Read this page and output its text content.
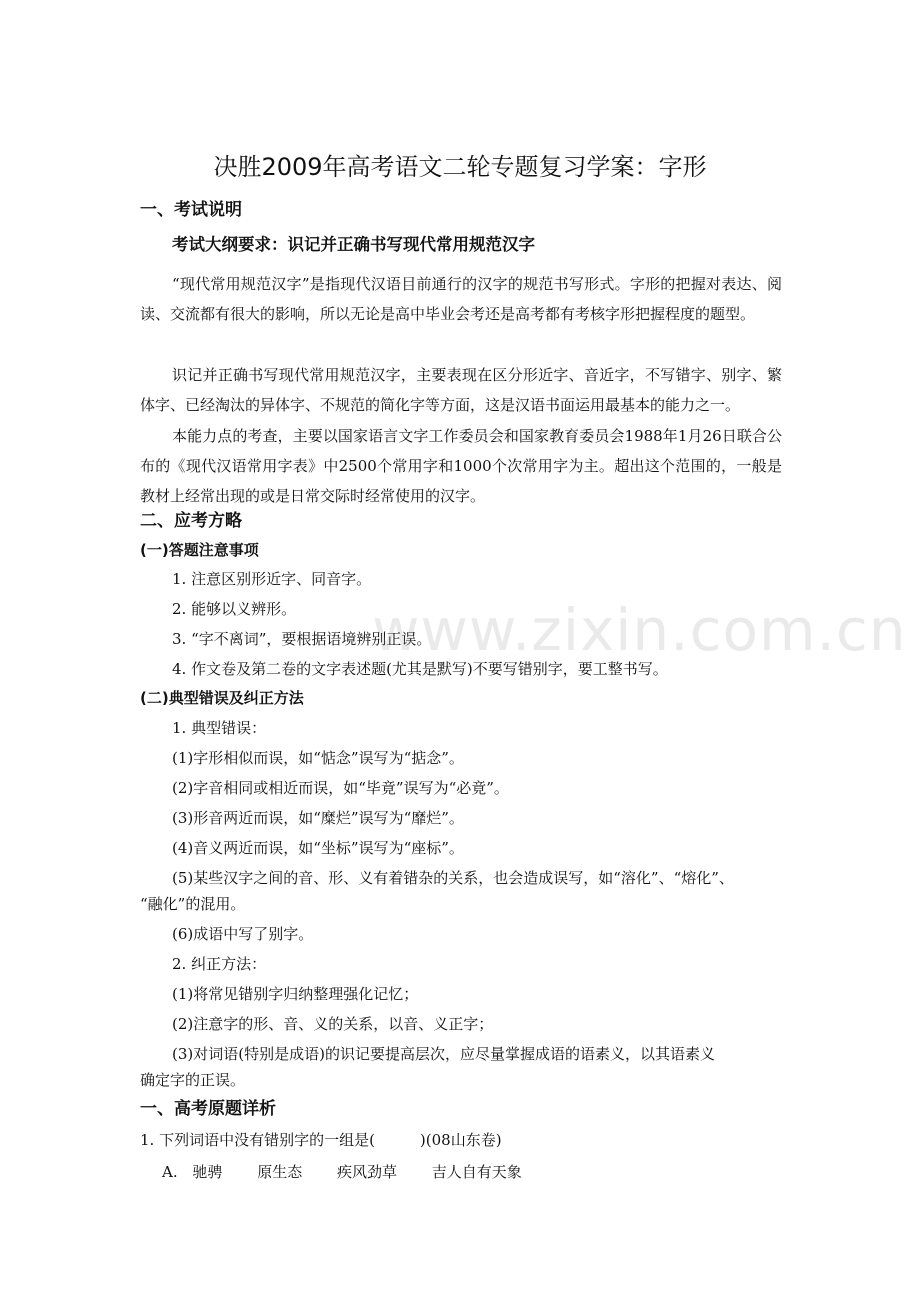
决胜2009年高考语文二轮专题复习学案：字形
一、考试说明
考试大纲要求：识记并正确书写现代常用规范汉字

“现代常用规范汉字”是指现代汉语目前通行的汉字的规范书写形式。字形的把握对表达、阅读、交流都有很大的影响，所以无论是高中毕业会考还是高考都有考核字形把握程度的题型。

识记并正确书写现代常用规范汉字，主要表现在区分形近字、音近字，不写错字、别字、繁体字、已经淘汰的异体字、不规范的简化字等方面，这是汉语书面运用最基本的能力之一。

本能力点的考查，主要以国家语言文字工作委员会和国家教育委员会1988年1月26日联合公布的《现代汉语常用字表》中2500个常用字和1000个次常用字为主。超出这个范围的，一般是教材上经常出现的或是日常交际时经常使用的汉字。

二、应考方略
(一)答题注意事项
1. 注意区别形近字、同音字。
2. 能够以义辨形。
3. “字不离词”，要根据语境辨别正误。
4. 作文卷及第二卷的文字表述题(尤其是默写)不要写错别字，要工整书写。
(二)典型错误及纠正方法
1. 典型错误：
(1)字形相似而误，如“惦念”误写为“掂念”。
(2)字音相同或相近而误，如“毕竟”误写为“必竟”。
(3)形音两近而误，如“糜烂”误写为“靡烂”。
(4)音义两近而误，如“坐标”误写为“座标”。
(5)某些汉字之间的音、形、义有着错杂的关系，也会造成误写，如“溶化”、“熔化”、
“融化”的混用。
(6)成语中写了别字。
2. 纠正方法：
(1)将常见错别字归纳整理强化记忆；
(2)注意字的形、音、义的关系，以音、义正字；
(3)对词语(特别是成语)的识记要提高层次，应尽量掌握成语的语素义，以其语素义
确定字的正误。
一、高考原题详析
1. 下列词语中没有错别字的一组是(　　　)(08山东卷)
A. 驰骋 原生态 疾风劲草 吉人自有天象
www.zixin.com.cn
